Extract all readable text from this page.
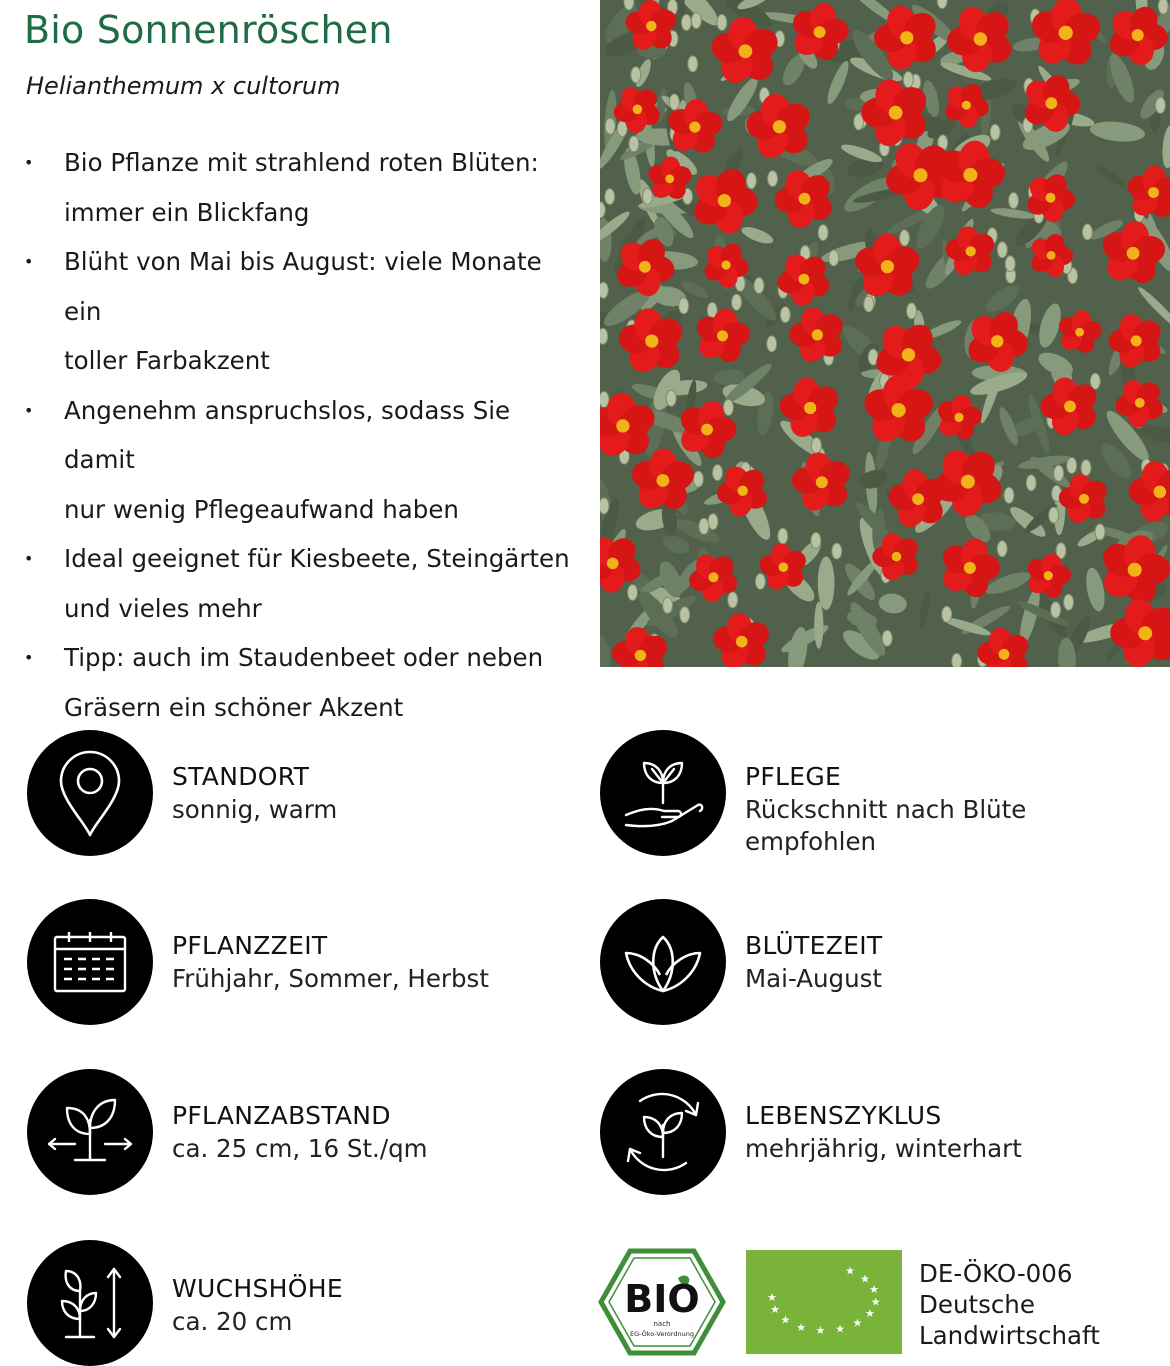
Bio Sonnenröschen
Helianthemum x cultorum
• Bio Pflanze mit strahlend roten Blüten:
immer ein Blickfang
• Blüht von Mai bis August: viele Monate ein
toller Farbakzent
• Angenehm anspruchslos, sodass Sie damit
nur wenig Pflegeaufwand haben
• Ideal geeignet für Kiesbeete, Steingärten
und vieles mehr
• Tipp: auch im Staudenbeet oder neben
Gräsern ein schöner Akzent
STANDORT
sonnig, warm
PFLEGE
Rückschnitt nach Blüte empfohlen
PFLANZZEIT
Frühjahr, Sommer, Herbst
BLÜTEZEIT
Mai-August
PFLANZABSTAND
ca. 25 cm, 16 St./qm
LEBENSZYKLUS
mehrjährig, winterhart
WUCHSHÖHE
ca. 20 cm
BIO
nach
EG-Öko-Verordnung
★
★
★
★
★
★
★
★
★
★
★
★
DE-ÖKO-006
Deutsche
Landwirtschaft
